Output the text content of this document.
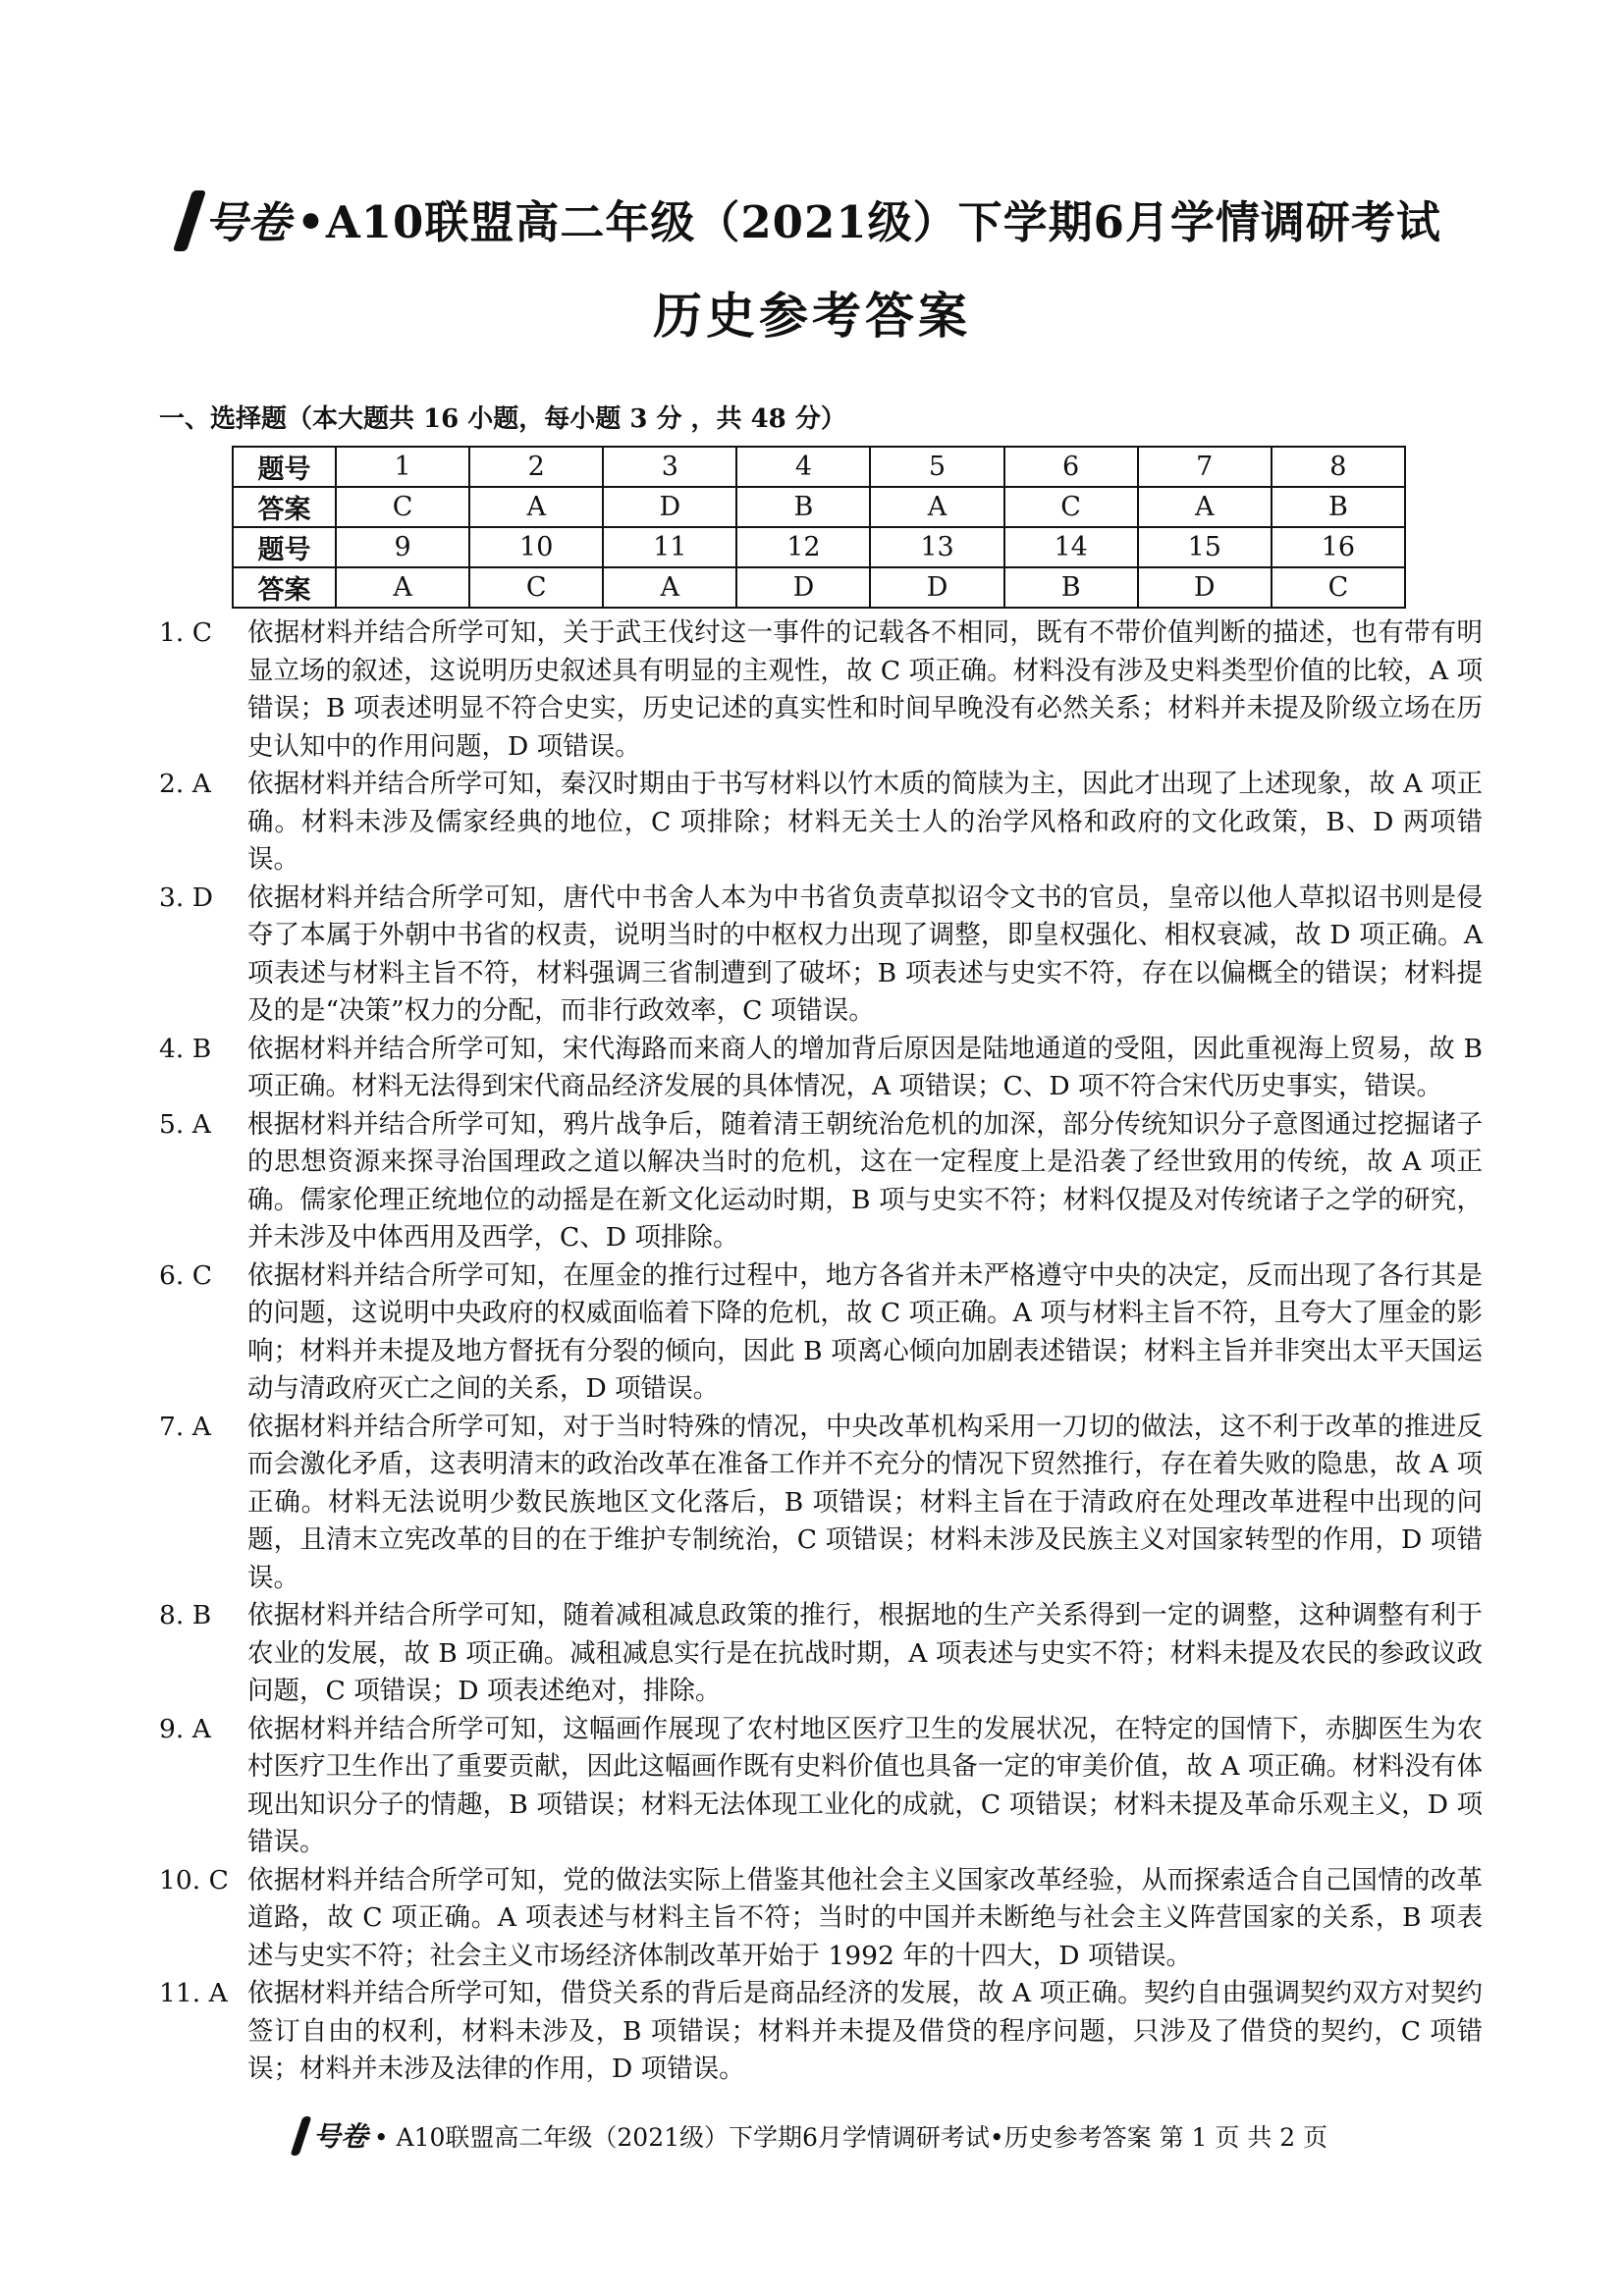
号卷 •A10联盟高二年级（2021级）下学期6月学情调研考试
历史参考答案
一、选择题（本大题共 16 小题，每小题 3 分 ，共 48 分）
题号	1	2	3	4	5	6	7	8
答案	C	A	D	B	A	C	A	B
题号	9	10	11	12	13	14	15	16
答案	A	C	A	D	D	B	D	C
1. C	依据材料并结合所学可知，关于武王伐纣这一事件的记载各不相同，既有不带价值判断的描述，也有带有明显立场的叙述，这说明历史叙述具有明显的主观性，故 C 项正确。材料没有涉及史料类型价值的比较，A 项错误；B 项表述明显不符合史实，历史记述的真实性和时间早晚没有必然关系；材料并未提及阶级立场在历史认知中的作用问题，D 项错误。
2. A	依据材料并结合所学可知，秦汉时期由于书写材料以竹木质的简牍为主，因此才出现了上述现象，故 A 项正确。材料未涉及儒家经典的地位，C 项排除；材料无关士人的治学风格和政府的文化政策，B、D 两项错误。
3. D	依据材料并结合所学可知，唐代中书舍人本为中书省负责草拟诏令文书的官员，皇帝以他人草拟诏书则是侵夺了本属于外朝中书省的权责，说明当时的中枢权力出现了调整，即皇权强化、相权衰减，故 D 项正确。A 项表述与材料主旨不符，材料强调三省制遭到了破坏；B 项表述与史实不符，存在以偏概全的错误；材料提及的是“决策”权力的分配，而非行政效率，C 项错误。
4. B	依据材料并结合所学可知，宋代海路而来商人的增加背后原因是陆地通道的受阻，因此重视海上贸易，故 B 项正确。材料无法得到宋代商品经济发展的具体情况，A 项错误；C、D 项不符合宋代历史事实，错误。
5. A	根据材料并结合所学可知，鸦片战争后，随着清王朝统治危机的加深，部分传统知识分子意图通过挖掘诸子的思想资源来探寻治国理政之道以解决当时的危机，这在一定程度上是沿袭了经世致用的传统，故 A 项正确。儒家伦理正统地位的动摇是在新文化运动时期，B 项与史实不符；材料仅提及对传统诸子之学的研究，并未涉及中体西用及西学，C、D 项排除。
6. C	依据材料并结合所学可知，在厘金的推行过程中，地方各省并未严格遵守中央的决定，反而出现了各行其是的问题，这说明中央政府的权威面临着下降的危机，故 C 项正确。A 项与材料主旨不符，且夸大了厘金的影响；材料并未提及地方督抚有分裂的倾向，因此 B 项离心倾向加剧表述错误；材料主旨并非突出太平天国运动与清政府灭亡之间的关系，D 项错误。
7. A	依据材料并结合所学可知，对于当时特殊的情况，中央改革机构采用一刀切的做法，这不利于改革的推进反而会激化矛盾，这表明清末的政治改革在准备工作并不充分的情况下贸然推行，存在着失败的隐患，故 A 项正确。材料无法说明少数民族地区文化落后，B 项错误；材料主旨在于清政府在处理改革进程中出现的问题，且清末立宪改革的目的在于维护专制统治，C 项错误；材料未涉及民族主义对国家转型的作用，D 项错误。
8. B	依据材料并结合所学可知，随着减租减息政策的推行，根据地的生产关系得到一定的调整，这种调整有利于农业的发展，故 B 项正确。减租减息实行是在抗战时期，A 项表述与史实不符；材料未提及农民的参政议政问题，C 项错误；D 项表述绝对，排除。
9. A	依据材料并结合所学可知，这幅画作展现了农村地区医疗卫生的发展状况，在特定的国情下，赤脚医生为农村医疗卫生作出了重要贡献，因此这幅画作既有史料价值也具备一定的审美价值，故 A 项正确。材料没有体现出知识分子的情趣，B 项错误；材料无法体现工业化的成就，C 项错误；材料未提及革命乐观主义，D 项错误。
10. C 依据材料并结合所学可知，党的做法实际上借鉴其他社会主义国家改革经验，从而探索适合自己国情的改革道路，故 C 项正确。A 项表述与材料主旨不符；当时的中国并未断绝与社会主义阵营国家的关系，B 项表述与史实不符；社会主义市场经济体制改革开始于 1992 年的十四大，D 项错误。
11. A 依据材料并结合所学可知，借贷关系的背后是商品经济的发展，故 A 项正确。契约自由强调契约双方对契约签订自由的权利，材料未涉及，B 项错误；材料并未提及借贷的程序问题，只涉及了借贷的契约，C 项错误；材料并未涉及法律的作用，D 项错误。
号卷 • A10联盟高二年级（2021级）下学期6月学情调研考试•历史参考答案 第 1 页 共 2 页
